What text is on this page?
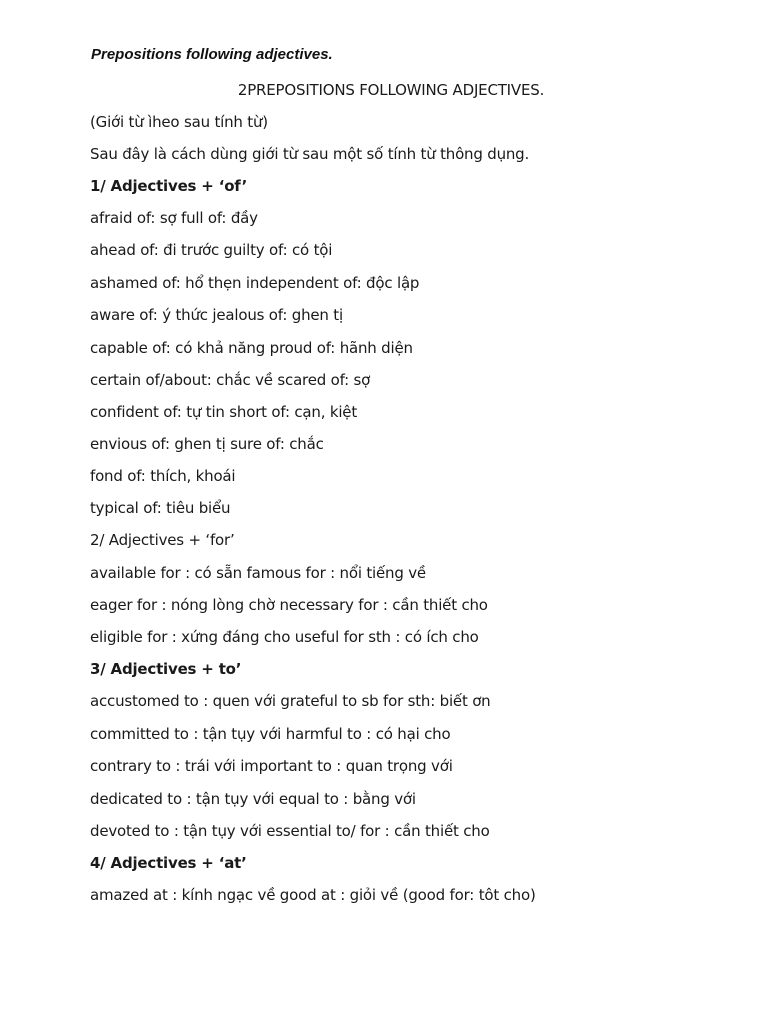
Prepositions following adjectives.
2PREPOSITIONS FOLLOWING ADJECTIVES.
(Giới từ ìheo sau tính từ)
Sau đây là cách dùng giới từ sau một số tính từ thông dụng.
1/ Adjectives + ‘of’
afraid of: sợ full of: đầy
ahead of: đi trước guilty of: có tội
ashamed of: hổ thẹn independent of: độc lập
aware of: ý thức jealous of: ghen tị
capable of: có khả năng proud of: hãnh diện
certain of/about: chắc về scared of: sợ
confident of: tự tin short of: cạn, kiệt
envious of: ghen tị sure of: chắc
fond of: thích, khoái
typical of: tiêu biểu
2/ Adjectives + ‘for’
available for : có sẵn famous for : nổi tiếng về
eager for : nóng lòng chờ necessary for : cần thiết cho
eligible for : xứng đáng cho useful for sth : có ích cho
3/ Adjectives + to’
accustomed to : quen với grateful to sb for sth: biết ơn
committed to : tận tụy với harmful to : có hại cho
contrary to : trái với important to : quan trọng với
dedicated to : tận tụy với equal to : bằng với
devoted to : tận tụy với essential to/ for : cần thiết cho
4/ Adjectives + ‘at’
amazed at : kính ngạc về good at : giỏi về (good for: tôt cho)
